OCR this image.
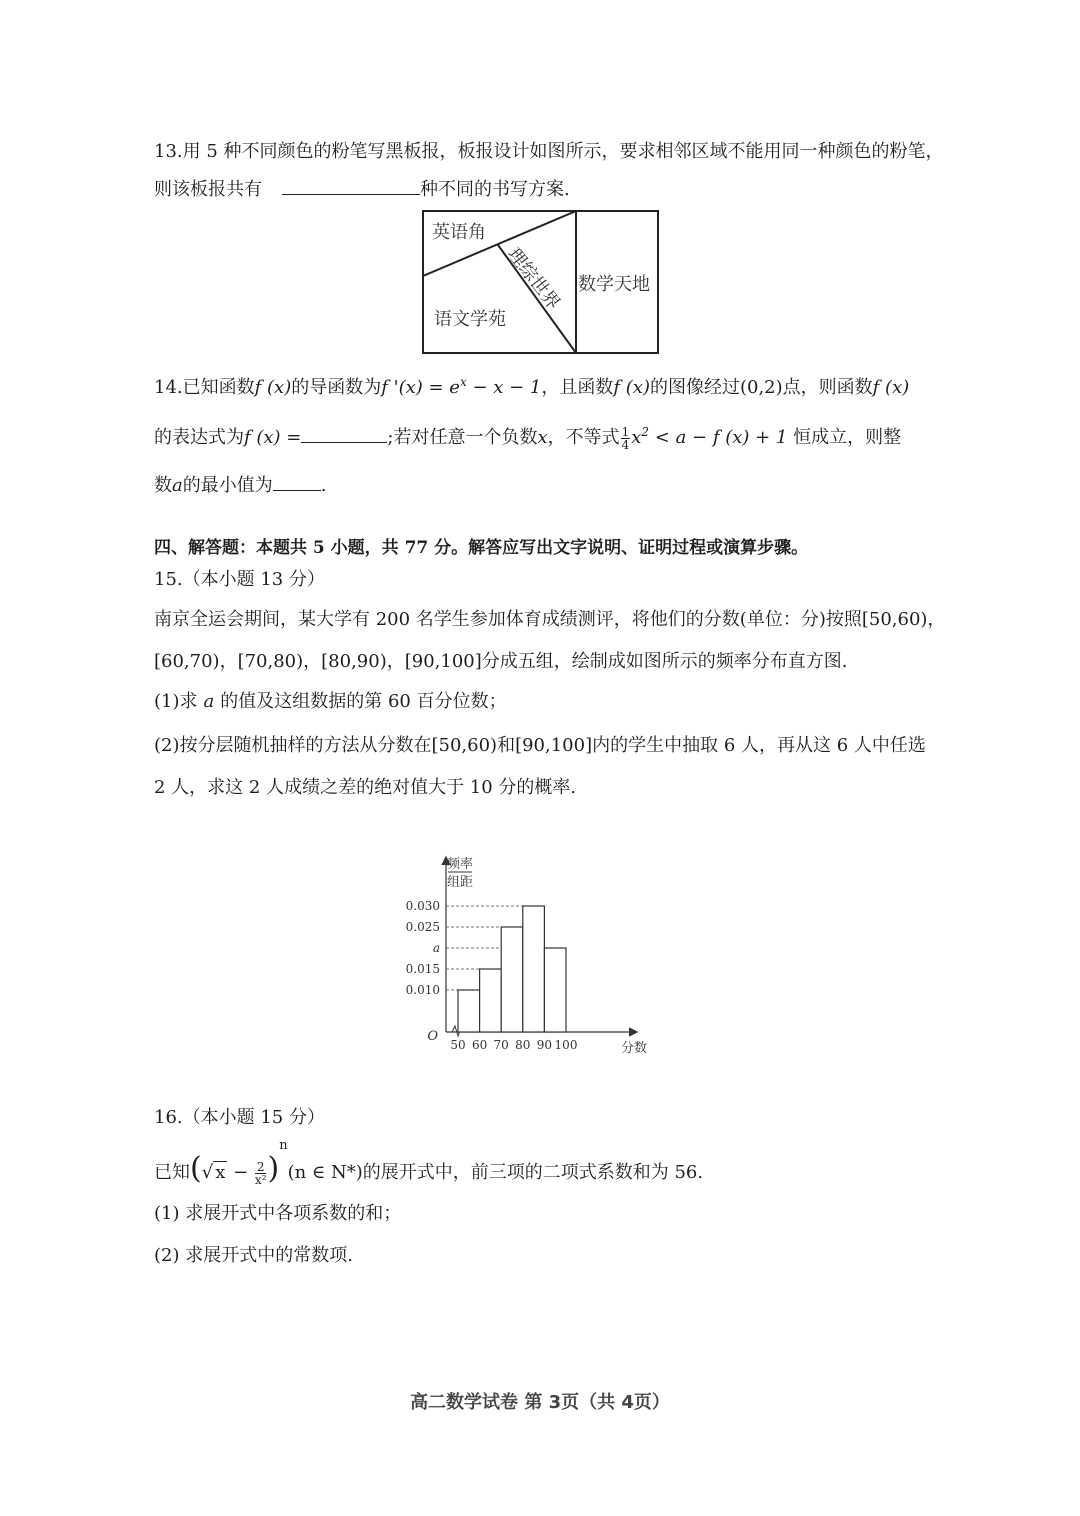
13.用 5 种不同颜色的粉笔写黑板报，板报设计如图所示，要求相邻区域不能用同一种颜色的粉笔，
则该板报共有	种不同的书写方案.
英语角
理综世界 数学天地
语文学苑
14.已知函数f (x)的导函数为f '$(x) = e^x - x - 1$，且函数f (x)的图像经过(0,2)点，则函数f (x)
的表达式为f (x) =	;若对任意一个负数x，不等式 $\frac{1}{4} x^2 < a - f$ (x) + 1 恒成立，则整
数a的最小值为	.
四、解答题：本题共 5 小题，共 77 分。解答应写出文字说明、证明过程或演算步骤。
15.（本小题 13 分）
南京全运会期间，某大学有 200 名学生参加体育成绩测评，将他们的分数(单位：分)按照[50,60)，
[60,70)，[70,80)，[80,90)，[90,100]分成五组，绘制成如图所示的频率分布直方图.
(1)求 a 的值及这组数据的第 60 百分位数；
(2)按分层随机抽样的方法从分数在[50,60)和[90,100]内的学生中抽取 6 人，再从这 6 人中任选
2 人，求这 2 人成绩之差的绝对值大于 10 分的概率.
频率
组距
0.010
0.015
a
0.025
0.030
O
50 60 70 80 90 100	分数
16.（本小题 15 分）
已知(√ $x - \frac{2}{\text{x²}} )^n(n$ ∈ N*)的展开式中，前三项的二项式系数和为 56.
(1) 求展开式中各项系数的和；
(2) 求展开式中的常数项.
高二数学试卷 第 3页（共 4页）
